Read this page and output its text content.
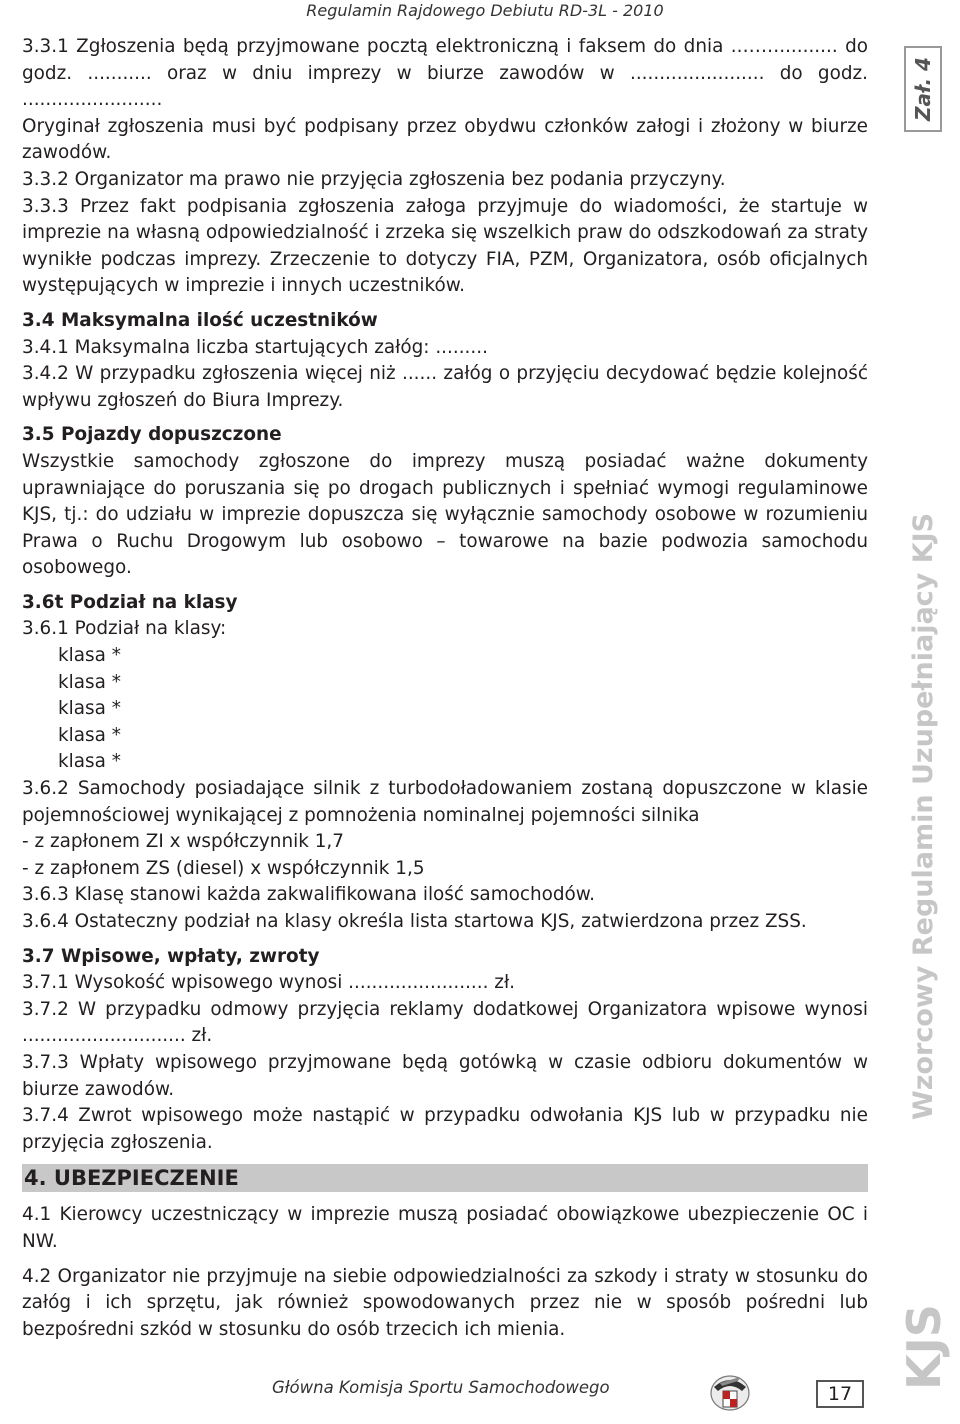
Regulamin Rajdowego Debiutu RD-3L - 2010

3.3.1 Zgłoszenia będą przyjmowane pocztą elektroniczną i faksem do dnia ..…….......... do godz. ........... oraz w dniu imprezy w biurze zawodów w ....................... do godz. ........................

Oryginał zgłoszenia musi być podpisany przez obydwu członków załogi i złożony w biurze zawodów.

3.3.2 Organizator ma prawo nie przyjęcia zgłoszenia bez podania przyczyny.

3.3.3 Przez fakt podpisania zgłoszenia załoga przyjmuje do wiadomości, że startuje w imprezie na własną odpowiedzialność i zrzeka się wszelkich praw do odszkodowań za straty wynikłe podczas imprezy. Zrzeczenie to dotyczy FIA, PZM, Organizatora, osób oficjalnych występujących w imprezie i innych uczestników.

3.4 Maksymalna ilość uczestników

3.4.1 Maksymalna liczba startujących załóg: .........

3.4.2 W przypadku zgłoszenia więcej niż ...... załóg o przyjęciu decydować będzie kolejność wpływu zgłoszeń do Biura Imprezy.

3.5 Pojazdy dopuszczone

Wszystkie samochody zgłoszone do imprezy muszą posiadać ważne dokumenty uprawniające do poruszania się po drogach publicznych i spełniać wymogi regulaminowe KJS, tj.: do udziału w imprezie dopuszcza się wyłącznie samochody osobowe w rozumieniu Prawa o Ruchu Drogowym lub osobowo – towarowe na bazie podwozia samochodu osobowego.

3.6t Podział na klasy

3.6.1 Podział na klasy:

klasa *

klasa *

klasa *

klasa *

klasa *

3.6.2 Samochody posiadające silnik z turbodoładowaniem zostaną dopuszczone w klasie pojemnościowej wynikającej z pomnożenia nominalnej pojemności silnika

- z zapłonem ZI x współczynnik 1,7

- z zapłonem ZS (diesel) x współczynnik 1,5

3.6.3 Klasę stanowi każda zakwalifikowana ilość samochodów.

3.6.4 Ostateczny podział na klasy określa lista startowa KJS, zatwierdzona przez ZSS.

3.7 Wpisowe, wpłaty, zwroty

3.7.1 Wysokość wpisowego wynosi ........................ zł.

3.7.2 W przypadku odmowy przyjęcia reklamy dodatkowej Organizatora wpisowe wynosi ............................ zł.

3.7.3 Wpłaty wpisowego przyjmowane będą gotówką w czasie odbioru dokumentów w biurze zawodów.

3.7.4 Zwrot wpisowego może nastąpić w przypadku odwołania KJS lub w przypadku nie przyjęcia zgłoszenia.

4. UBEZPIECZENIE

4.1 Kierowcy uczestniczący w imprezie muszą posiadać obowiązkowe ubezpieczenie OC i NW.

4.2 Organizator nie przyjmuje na siebie odpowiedzialności za szkody i straty w stosunku do załóg i ich sprzętu, jak również spowodowanych przez nie w sposób pośredni lub bezpośredni szkód w stosunku do osób trzecich ich mienia.	KJS
Wzorcowy Regulamin Uzupełniający KJS
Zał. 4
Główna Komisja Sportu Samochodowego	17
